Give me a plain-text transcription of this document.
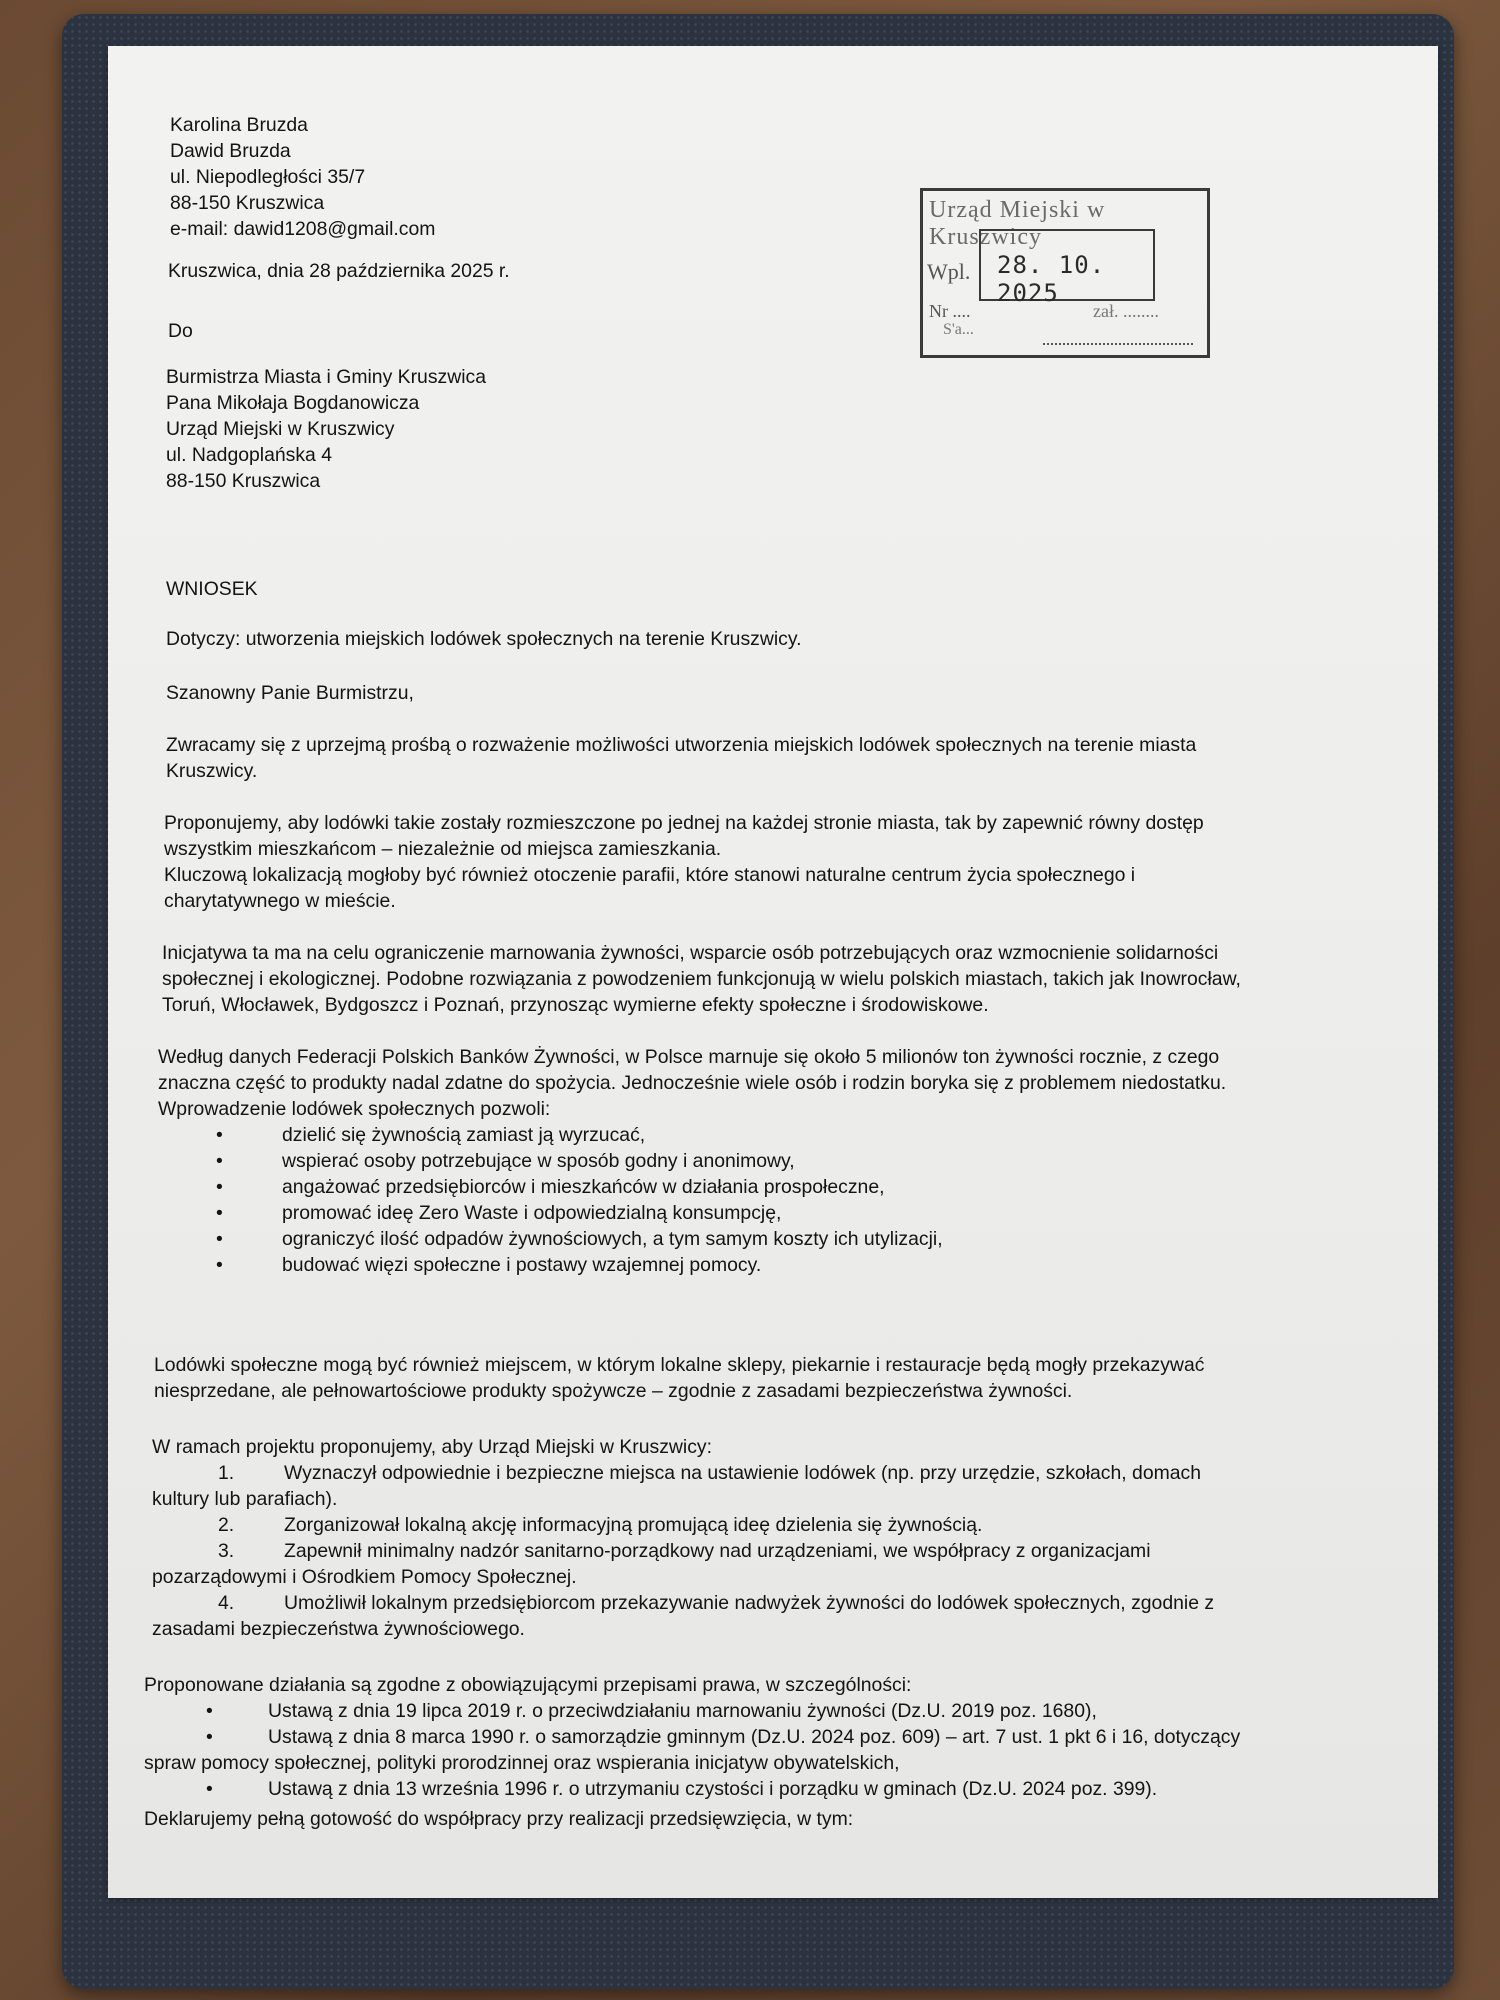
Karolina Bruzda
Dawid Bruzda
ul. Niepodległości 35/7
88-150 Kruszwica
e-mail: dawid1208@gmail.com
Kruszwica, dnia 28 października 2025 r.
Do
Burmistrza Miasta i Gminy Kruszwica
Pana Mikołaja Bogdanowicza
Urząd Miejski w Kruszwicy
ul. Nadgoplańska 4
88-150 Kruszwica
Urząd Miejski w Kruszwicy
Wpl. 28. 10. 2025
Nr ....	zał. ........
S'a...
WNIOSEK
Dotyczy: utworzenia miejskich lodówek społecznych na terenie Kruszwicy.
Szanowny Panie Burmistrzu,
Zwracamy się z uprzejmą prośbą o rozważenie możliwości utworzenia miejskich lodówek społecznych na terenie miasta
Kruszwicy.
Proponujemy, aby lodówki takie zostały rozmieszczone po jednej na każdej stronie miasta, tak by zapewnić równy dostęp
wszystkim mieszkańcom – niezależnie od miejsca zamieszkania.
Kluczową lokalizacją mogłoby być również otoczenie parafii, które stanowi naturalne centrum życia społecznego i
charytatywnego w mieście.
Inicjatywa ta ma na celu ograniczenie marnowania żywności, wsparcie osób potrzebujących oraz wzmocnienie solidarności
społecznej i ekologicznej. Podobne rozwiązania z powodzeniem funkcjonują w wielu polskich miastach, takich jak Inowrocław,
Toruń, Włocławek, Bydgoszcz i Poznań, przynosząc wymierne efekty społeczne i środowiskowe.
Według danych Federacji Polskich Banków Żywności, w Polsce marnuje się około 5 milionów ton żywności rocznie, z czego
znaczna część to produkty nadal zdatne do spożycia. Jednocześnie wiele osób i rodzin boryka się z problemem niedostatku.
Wprowadzenie lodówek społecznych pozwoli:
•	dzielić się żywnością zamiast ją wyrzucać,
•	wspierać osoby potrzebujące w sposób godny i anonimowy,
•	angażować przedsiębiorców i mieszkańców w działania prospołeczne,
•	promować ideę Zero Waste i odpowiedzialną konsumpcję,
•	ograniczyć ilość odpadów żywnościowych, a tym samym koszty ich utylizacji,
•	budować więzi społeczne i postawy wzajemnej pomocy.
Lodówki społeczne mogą być również miejscem, w którym lokalne sklepy, piekarnie i restauracje będą mogły przekazywać
niesprzedane, ale pełnowartościowe produkty spożywcze – zgodnie z zasadami bezpieczeństwa żywności.
W ramach projektu proponujemy, aby Urząd Miejski w Kruszwicy:
1.	Wyznaczył odpowiednie i bezpieczne miejsca na ustawienie lodówek (np. przy urzędzie, szkołach, domach
kultury lub parafiach).
2.	Zorganizował lokalną akcję informacyjną promującą ideę dzielenia się żywnością.
3.	Zapewnił minimalny nadzór sanitarno-porządkowy nad urządzeniami, we współpracy z organizacjami
pozarządowymi i Ośrodkiem Pomocy Społecznej.
4.	Umożliwił lokalnym przedsiębiorcom przekazywanie nadwyżek żywności do lodówek społecznych, zgodnie z
zasadami bezpieczeństwa żywnościowego.
Proponowane działania są zgodne z obowiązującymi przepisami prawa, w szczególności:
•	Ustawą z dnia 19 lipca 2019 r. o przeciwdziałaniu marnowaniu żywności (Dz.U. 2019 poz. 1680),
•	Ustawą z dnia 8 marca 1990 r. o samorządzie gminnym (Dz.U. 2024 poz. 609) – art. 7 ust. 1 pkt 6 i 16, dotyczący
spraw pomocy społecznej, polityki prorodzinnej oraz wspierania inicjatyw obywatelskich,
•	Ustawą z dnia 13 września 1996 r. o utrzymaniu czystości i porządku w gminach (Dz.U. 2024 poz. 399).
Deklarujemy pełną gotowość do współpracy przy realizacji przedsięwzięcia, w tym:
